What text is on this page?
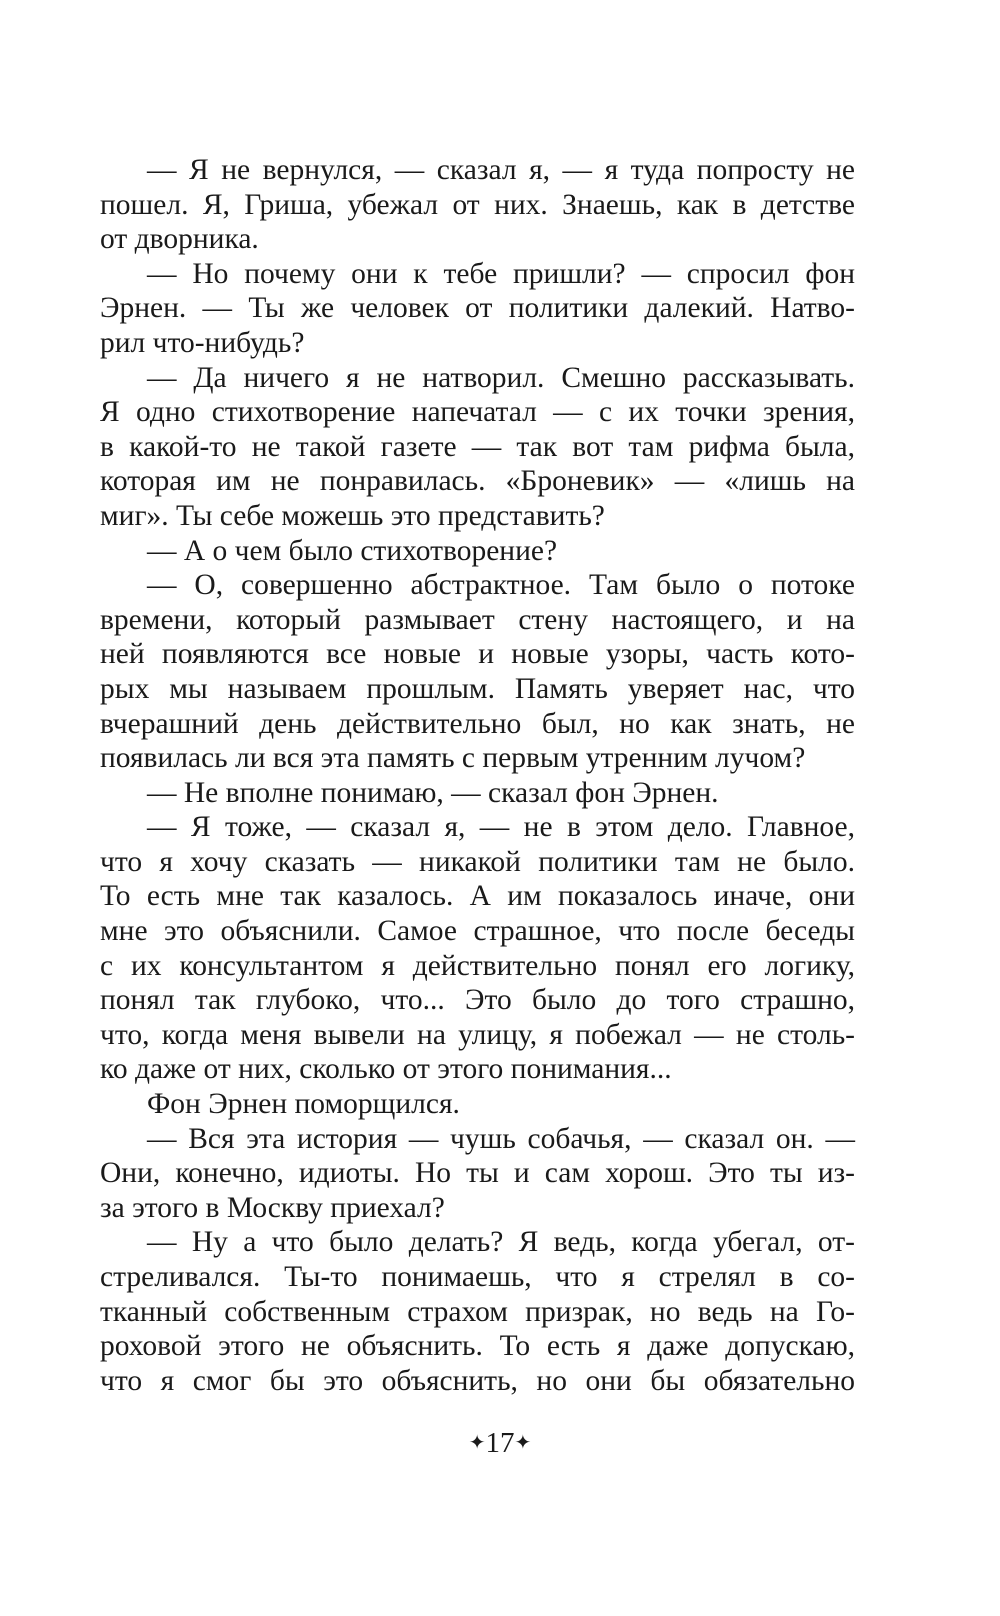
— Я не вернулся, — сказал я, — я туда попросту не
пошел. Я, Гриша, убежал от них. Знаешь, как в детстве
от дворника.
— Но почему они к тебе пришли? — спросил фон
Эрнен. — Ты же человек от политики далекий. Натво-
рил что-нибудь?
— Да ничего я не натворил. Смешно рассказывать.
Я одно стихотворение напечатал — с их точки зрения,
в какой-то не такой газете — так вот там рифма была,
которая им не понравилась. «Броневик» — «лишь на
миг». Ты себе можешь это представить?
— А о чем было стихотворение?
— О, совершенно абстрактное. Там было о потоке
времени, который размывает стену настоящего, и на
ней появляются все новые и новые узоры, часть кото-
рых мы называем прошлым. Память уверяет нас, что
вчерашний день действительно был, но как знать, не
появилась ли вся эта память с первым утренним лучом?
— Не вполне понимаю, — сказал фон Эрнен.
— Я тоже, — сказал я, — не в этом дело. Главное,
что я хочу сказать — никакой политики там не было.
То есть мне так казалось. А им показалось иначе, они
мне это объяснили. Самое страшное, что после беседы
с их консультантом я действительно понял его логику,
понял так глубоко, что... Это было до того страшно,
что, когда меня вывели на улицу, я побежал — не столь-
ко даже от них, сколько от этого понимания...
Фон Эрнен поморщился.
— Вся эта история — чушь собачья, — сказал он. —
Они, конечно, идиоты. Но ты и сам хорош. Это ты из-
за этого в Москву приехал?
— Ну а что было делать? Я ведь, когда убегал, от-
стреливался. Ты-то понимаешь, что я стрелял в со-
тканный собственным страхом призрак, но ведь на Го-
роховой этого не объяснить. То есть я даже допускаю,
что я смог бы это объяснить, но они бы обязательно
✦17✦
